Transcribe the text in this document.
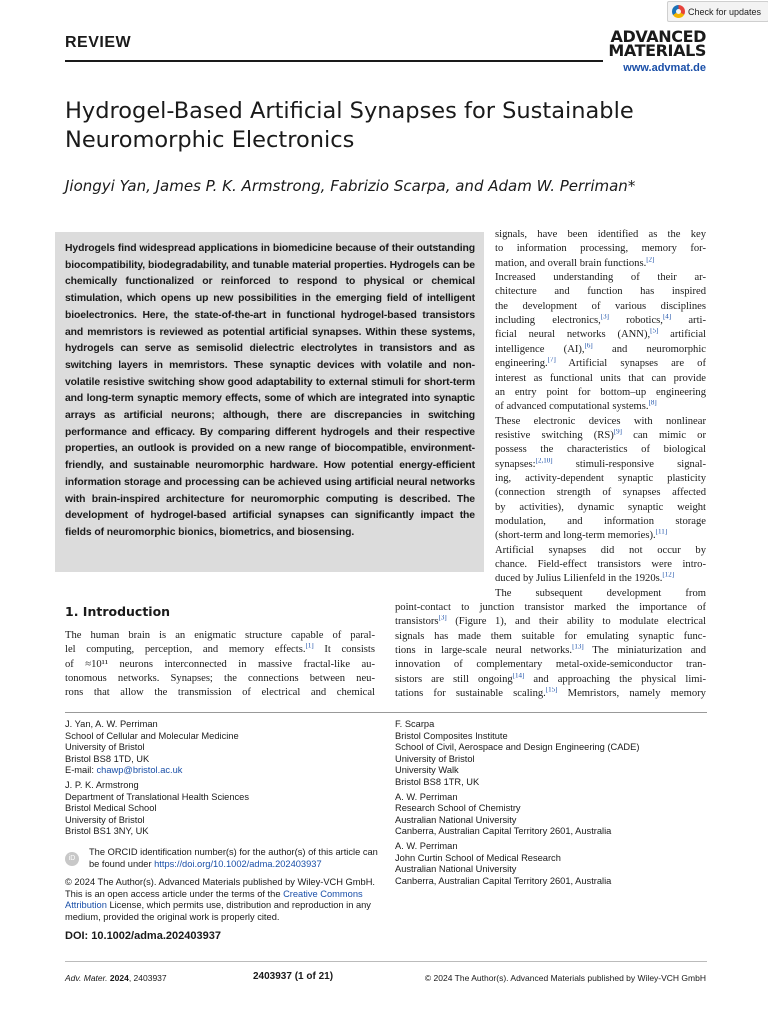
REVIEW
Check for updates
ADVANCED
MATERIALS
www.advmat.de
Hydrogel-Based Artificial Synapses for Sustainable Neuromorphic Electronics
Jiongyi Yan, James P. K. Armstrong, Fabrizio Scarpa, and Adam W. Perriman*
Hydrogels find widespread applications in biomedicine because of their outstanding biocompatibility, biodegradability, and tunable material properties. Hydrogels can be chemically functionalized or reinforced to respond to physical or chemical stimulation, which opens up new possibilities in the emerging field of intelligent bioelectronics. Here, the state-of-the-art in functional hydrogel-based transistors and memristors is reviewed as potential artificial synapses. Within these systems, hydrogels can serve as semisolid dielectric electrolytes in transistors and as switching layers in memristors. These synaptic devices with volatile and non-volatile resistive switching show good adaptability to external stimuli for short-term and long-term synaptic memory effects, some of which are integrated into synaptic arrays as artificial neurons; although, there are discrepancies in switching performance and efficacy. By comparing different hydrogels and their respective properties, an outlook is provided on a new range of biocompatible, environment-friendly, and sustainable neuromorphic hardware. How potential energy-efficient information storage and processing can be achieved using artificial neural networks with brain-inspired architecture for neuromorphic computing is described. The development of hydrogel-based artificial synapses can significantly impact the fields of neuromorphic bionics, biometrics, and biosensing.
signals, have been identified as the key
to information processing, memory for-
mation, and overall brain functions.[2]
Increased understanding of their ar-
chitecture and function has inspired
the development of various disciplines
including electronics,[3] robotics,[4] arti-
ficial neural networks (ANN),[5] artificial
intelligence (AI),[6] and neuromorphic
engineering.[7] Artificial synapses are of
interest as functional units that can provide
an entry point for bottom–up engineering
of advanced computational systems.[8]
These electronic devices with nonlinear
resistive switching (RS)[9] can mimic or
possess the characteristics of biological
synapses:[2,10] stimuli-responsive signal-
ing, activity-dependent synaptic plasticity
(connection strength of synapses affected
by activities), dynamic synaptic weight
modulation, and information storage
(short-term and long-term memories).[11]
Artificial synapses did not occur by
chance. Field-effect transistors were intro-
duced by Julius Lilienfeld in the 1920s.[12]
The subsequent development from
point-contact to junction transistor marked the importance of
transistors[3] (Figure 1), and their ability to modulate electrical
signals has made them suitable for emulating synaptic func-
tions in large-scale neural networks.[13] The miniaturization and
innovation of complementary metal-oxide-semiconductor tran-
sistors are still ongoing[14] and approaching the physical limi-
tations for sustainable scaling.[15] Memristors, namely memory
1. Introduction
The human brain is an enigmatic structure capable of paral-
lel computing, perception, and memory effects.[1] It consists
of ≈10¹¹ neurons interconnected in massive fractal-like au-
tonomous networks. Synapses; the connections between neu-
rons that allow the transmission of electrical and chemical
J. Yan, A. W. Perriman
School of Cellular and Molecular Medicine
University of Bristol
Bristol BS8 1TD, UK
E-mail: chawp@bristol.ac.uk
J. P. K. Armstrong
Department of Translational Health Sciences
Bristol Medical School
University of Bristol
Bristol BS1 3NY, UK
F. Scarpa
Bristol Composites Institute
School of Civil, Aerospace and Design Engineering (CADE)
University of Bristol
University Walk
Bristol BS8 1TR, UK
A. W. Perriman
Research School of Chemistry
Australian National University
Canberra, Australian Capital Territory 2601, Australia
A. W. Perriman
John Curtin School of Medical Research
Australian National University
Canberra, Australian Capital Territory 2601, Australia
iD
The ORCID identification number(s) for the author(s) of this article can be found under https://doi.org/10.1002/adma.202403937
© 2024 The Author(s). Advanced Materials published by Wiley-VCH GmbH. This is an open access article under the terms of the Creative Commons Attribution License, which permits use, distribution and reproduction in any medium, provided the original work is properly cited.
DOI: 10.1002/adma.202403937
Adv. Mater. 2024, 2403937	2403937 (1 of 21)	© 2024 The Author(s). Advanced Materials published by Wiley-VCH GmbH
